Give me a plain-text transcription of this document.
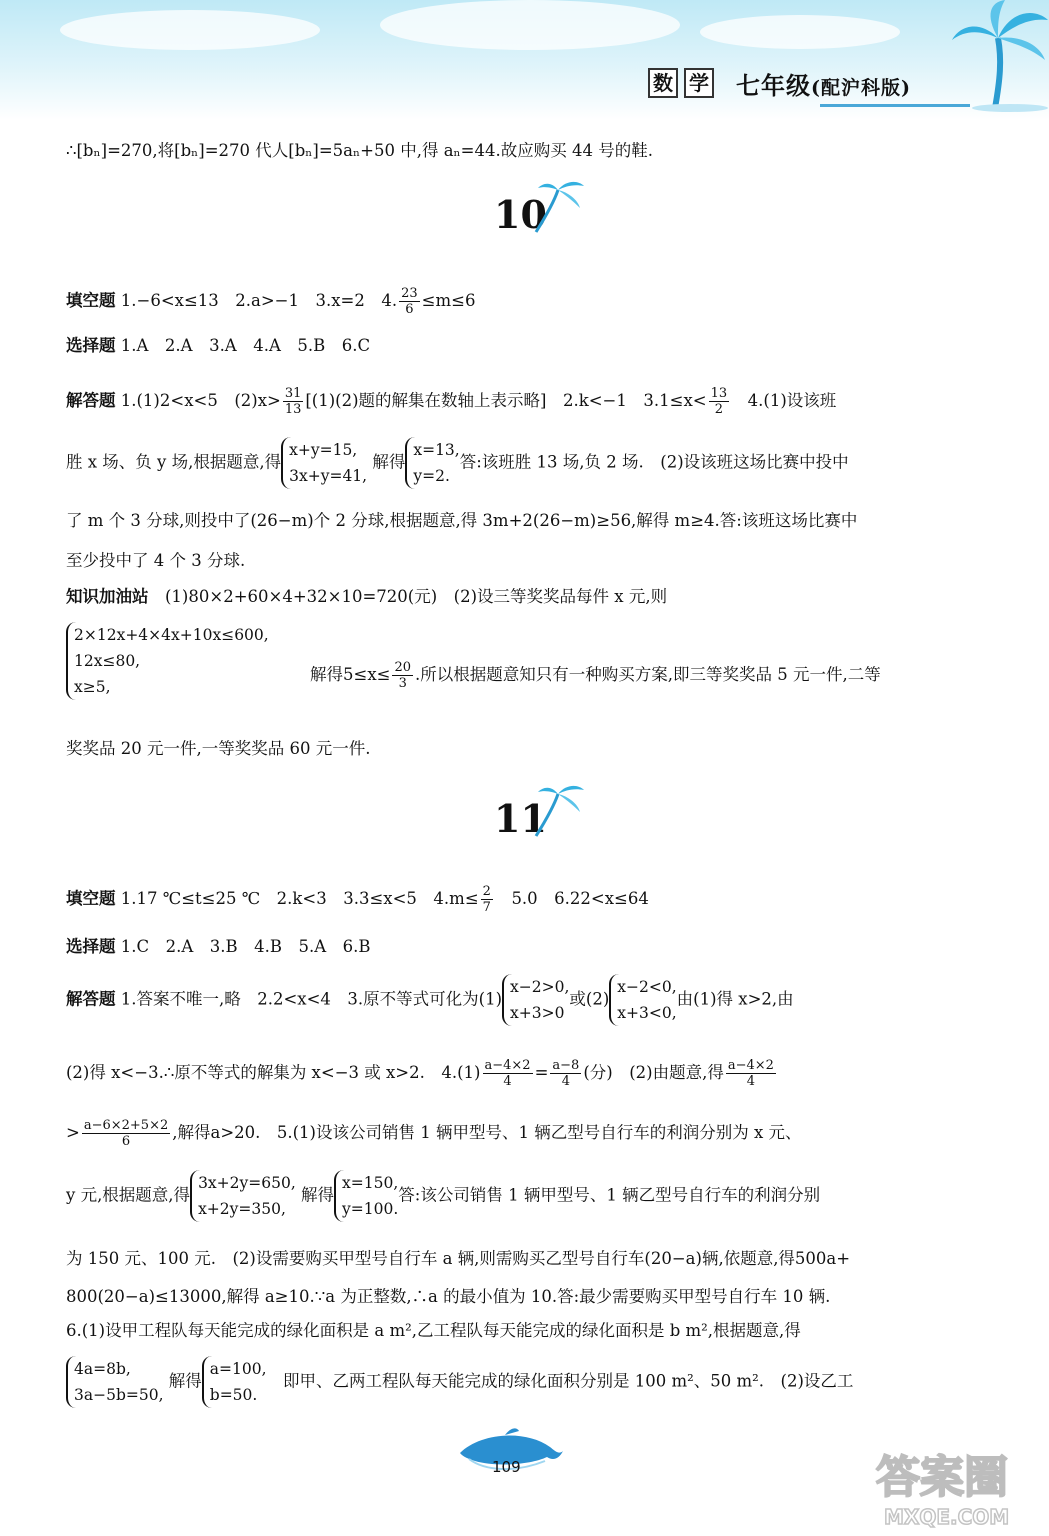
数 学 七年级(配沪科版)
∴[bₙ]=270,将[bₙ]=270 代人[bₙ]=5aₙ+50 中,得 aₙ=44.故应购买 44 号的鞋.
10
填空题 1.−6<x≤13　2.a>−1　3.x=2　4. $\frac{23}{6} \le m\le 6$
选择题 1.A　2.A　3.A　4.A　5.B　6.C
解答题 1.(1)2<x<5　$(2)x> \frac{31}{13} [(1)(2)$题的解集在数轴上表示略]　2.k<−1　$3.1\le x< \frac{13}{2}$ 　4.(1)设该班
胜 x 场、负 y 场,根据题意,得x+y=15,
3x+y=41, 解得x=13,
y=2.答:该班胜 13 场,负 2 场.　(2)设该班这场比赛中投中
了 m 个 3 分球,则投中了(26−m)个 2 分球,根据题意,得 3m+2(26−m)≥56,解得 m≥4.答:该班这场比赛中
至少投中了 4 个 3 分球.
知识加油站　 (1)80×2+60×4+32×10=720(元)　(2)设三等奖奖品每件 x 元,则
2×12x+4×4x+10x≤600,
12x≤80,
x≥5,
解得$5\le x\le \frac{20}{3}$ .所以根据题意知只有一种购买方案,即三等奖奖品 5 元一件,二等
奖奖品 20 元一件,一等奖奖品 60 元一件.
11
填空题 1.17 ℃≤t≤25 ℃　2.k<3　3.3≤x<5　$4.m\le \frac{2}{7}$ 　5.0　6.22<x≤64
选择题 1.C　2.A　3.B　4.B　5.A　6.B
解答题 1.答案不唯一,略　2.2<x<4　3.原不等式可化为(1)x−2>0,
x+3>0或(2)x−2<0,
x+3<0,由(1)得 x>2,由
(2)得 x<−3.∴原不等式的解集为 x<−3 或 x>2.　$4.(1) \frac{a-4\times 2}{4} = \frac{a-8}{4}$ (分)　(2)由题意,得 $\frac{a-4\times 2}{4}$
> $\frac{a-6\times 2+5\times 2}{6}$ ,解得a>20.　5.(1)设该公司销售 1 辆甲型号、1 辆乙型号自行车的利润分别为 x 元、
y 元,根据题意,得3x+2y=650,
x+2y=350, 解得x=150,
y=100.答:该公司销售 1 辆甲型号、1 辆乙型号自行车的利润分别
为 150 元、100 元.　(2)设需要购买甲型号自行车 a 辆,则需购买乙型号自行车(20−a)辆,依题意,得500a+
800(20−a)≤13000,解得 a≥10.∵a 为正整数,∴a 的最小值为 10.答:最少需要购买甲型号自行车 10 辆.
6.(1)设甲工程队每天能完成的绿化面积是 a m²,乙工程队每天能完成的绿化面积是 b m²,根据题意,得
4a=8b,
3a−5b=50, 解得a=100,
b=50.　即甲、乙两工程队每天能完成的绿化面积分别是 100 m²、50 m².　(2)设乙工
109	答案圈
MXQE.COM
